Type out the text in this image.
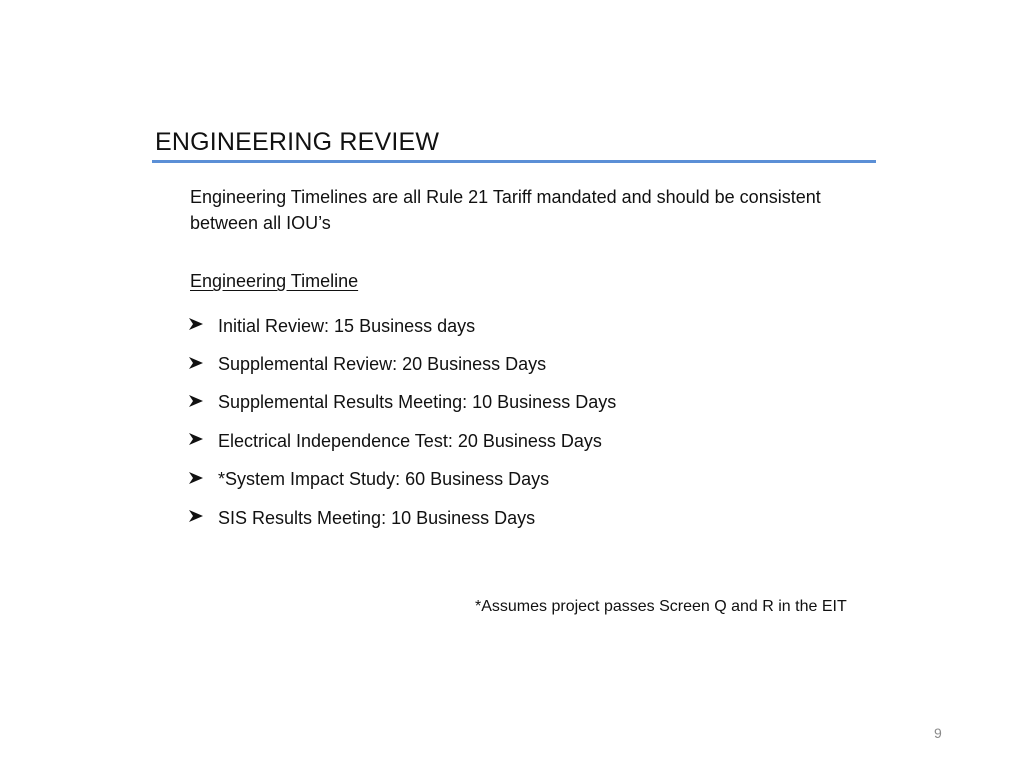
ENGINEERING REVIEW
Engineering Timelines are all Rule 21 Tariff mandated and should be consistent between all IOU’s
Engineering Timeline
Initial Review: 15 Business days
Supplemental Review: 20 Business Days
Supplemental Results Meeting: 10 Business Days
Electrical Independence Test: 20 Business Days
*System Impact Study: 60 Business Days
SIS Results Meeting: 10 Business Days
*Assumes project passes Screen Q and R in the EIT
9
